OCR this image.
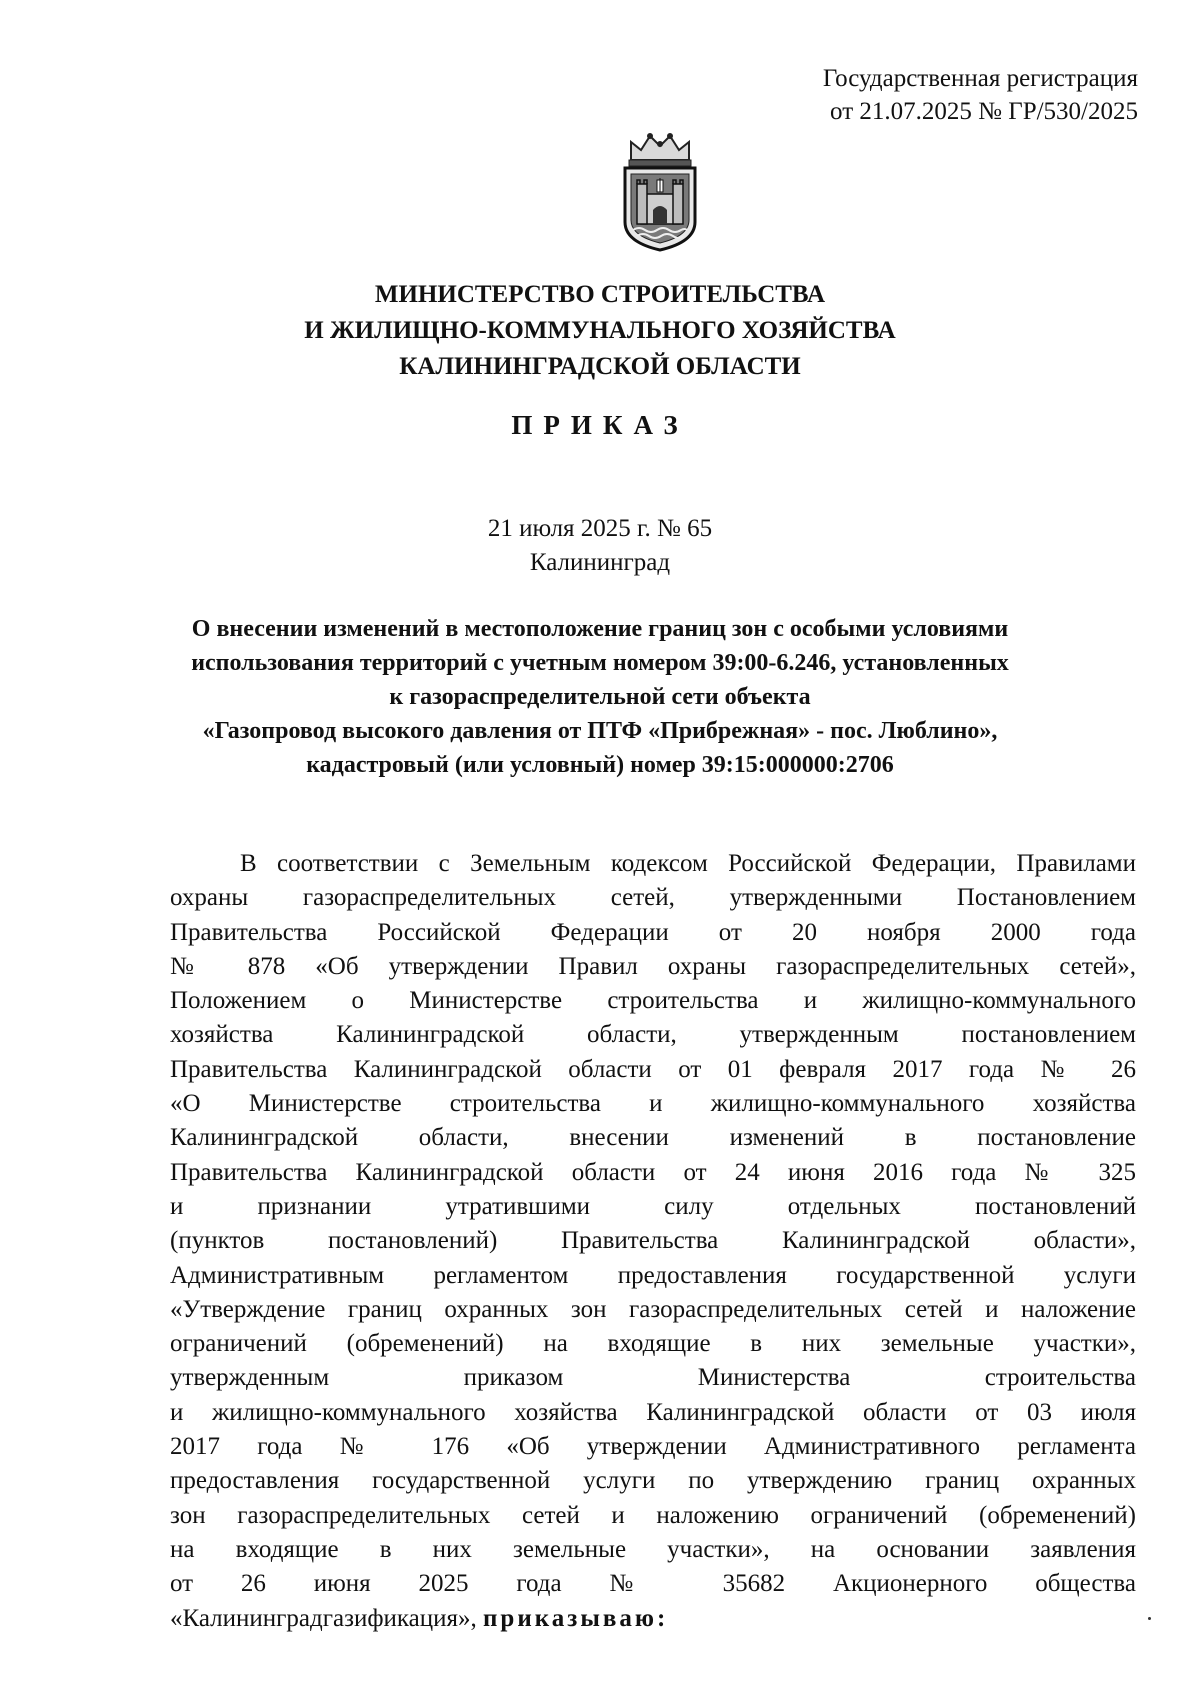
Государственная регистрация
от 21.07.2025 № ГР/530/2025
МИНИСТЕРСТВО СТРОИТЕЛЬСТВА
И ЖИЛИЩНО-КОММУНАЛЬНОГО ХОЗЯЙСТВА
КАЛИНИНГРАДСКОЙ ОБЛАСТИ
ПРИКАЗ
21 июля 2025 г. № 65
Калининград
О внесении изменений в местоположение границ зон с особыми условиями
использования территорий с учетным номером 39:00-6.246, установленных
к газораспределительной сети объекта
«Газопровод высокого давления от ПТФ «Прибрежная» - пос. Люблино»,
кадастровый (или условный) номер 39:15:000000:2706
В соответствии с Земельным кодексом Российской Федерации, Правилами
охраны газораспределительных сетей, утвержденными Постановлением
Правительства Российской Федерации от 20 ноября 2000 года
№ 878 «Об утверждении Правил охраны газораспределительных сетей»,
Положением о Министерстве строительства и жилищно-коммунального
хозяйства Калининградской области, утвержденным постановлением
Правительства Калининградской области от 01 февраля 2017 года № 26
«О Министерстве строительства и жилищно-коммунального хозяйства
Калининградской области, внесении изменений в постановление
Правительства Калининградской области от 24 июня 2016 года № 325
и признании утратившими силу отдельных постановлений
(пунктов постановлений) Правительства Калининградской области»,
Административным регламентом предоставления государственной услуги
«Утверждение границ охранных зон газораспределительных сетей и наложение
ограничений (обременений) на входящие в них земельные участки»,
утвержденным приказом Министерства строительства
и жилищно-коммунального хозяйства Калининградской области от 03 июля
2017 года № 176 «Об утверждении Административного регламента
предоставления государственной услуги по утверждению границ охранных
зон газораспределительных сетей и наложению ограничений (обременений)
на входящие в них земельные участки», на основании заявления
от 26 июня 2025 года № 35682 Акционерного общества
«Калининградгазификация», приказываю:
